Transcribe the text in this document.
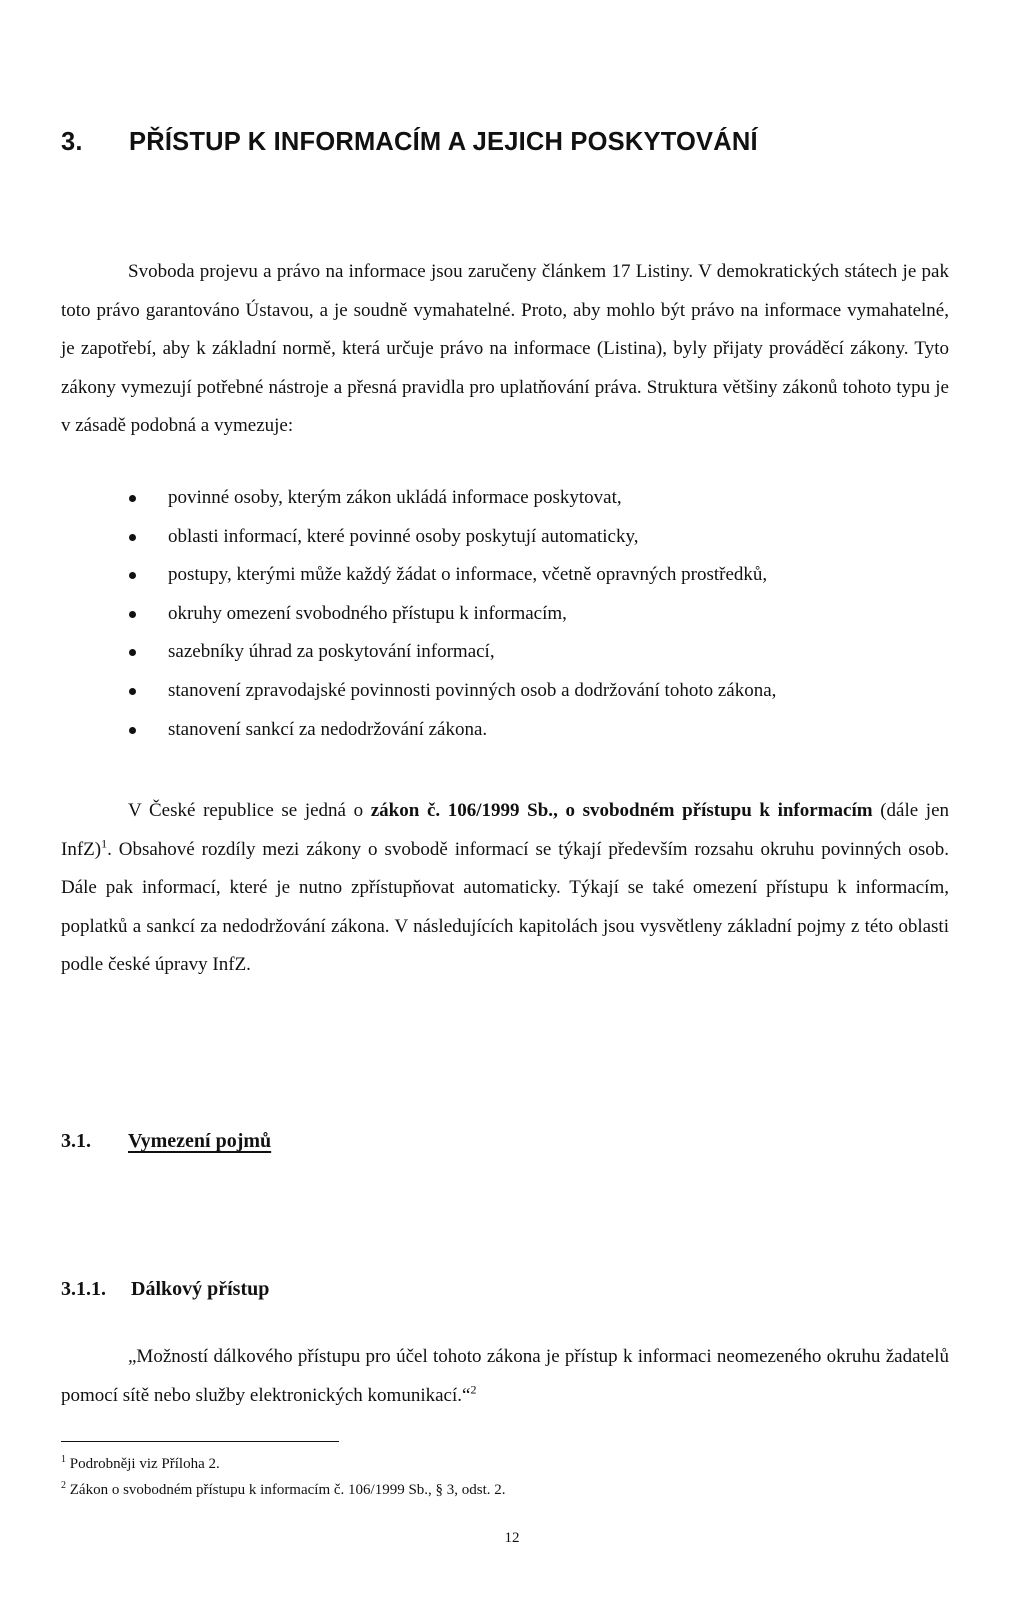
3. PŘÍSTUP K INFORMACÍM A JEJICH POSKYTOVÁNÍ

Svoboda projevu a právo na informace jsou zaručeny článkem 17 Listiny. V demokratických státech je pak toto právo garantováno Ústavou, a je soudně vymahatelné. Proto, aby mohlo být právo na informace vymahatelné, je zapotřebí, aby k základní normě, která určuje právo na informace (Listina), byly přijaty prováděcí zákony. Tyto zákony vymezují potřebné nástroje a přesná pravidla pro uplatňování práva. Struktura většiny zákonů tohoto typu je v zásadě podobná a vymezuje:

povinné osoby, kterým zákon ukládá informace poskytovat,
oblasti informací, které povinné osoby poskytují automaticky,
postupy, kterými může každý žádat o informace, včetně opravných prostředků,
okruhy omezení svobodného přístupu k informacím,
sazebníky úhrad za poskytování informací,
stanovení zpravodajské povinnosti povinných osob a dodržování tohoto zákona,
stanovení sankcí za nedodržování zákona.

V České republice se jedná o zákon č. 106/1999 Sb., o svobodném přístupu k informacím (dále jen InfZ)$^1$. Obsahové rozdíly mezi zákony o svobodě informací se týkají především rozsahu okruhu povinných osob. Dále pak informací, které je nutno zpřístupňovat automaticky. Týkají se také omezení přístupu k informacím, poplatků a sankcí za nedodržování zákona. V následujících kapitolách jsou vysvětleny základní pojmy z této oblasti podle české úpravy InfZ.

3.1. Vymezení pojmů
3.1.1. Dálkový přístup

„Možností dálkového přístupu pro účel tohoto zákona je přístup k informaci neomezeného okruhu žadatelů pomocí sítě nebo služby elektronických komunikací.“$^2$

$^1$ Podrobněji viz Příloha 2.
$^2$ Zákon o svobodném přístupu k informacím č. 106/1999 Sb., § 3, odst. 2.
12
